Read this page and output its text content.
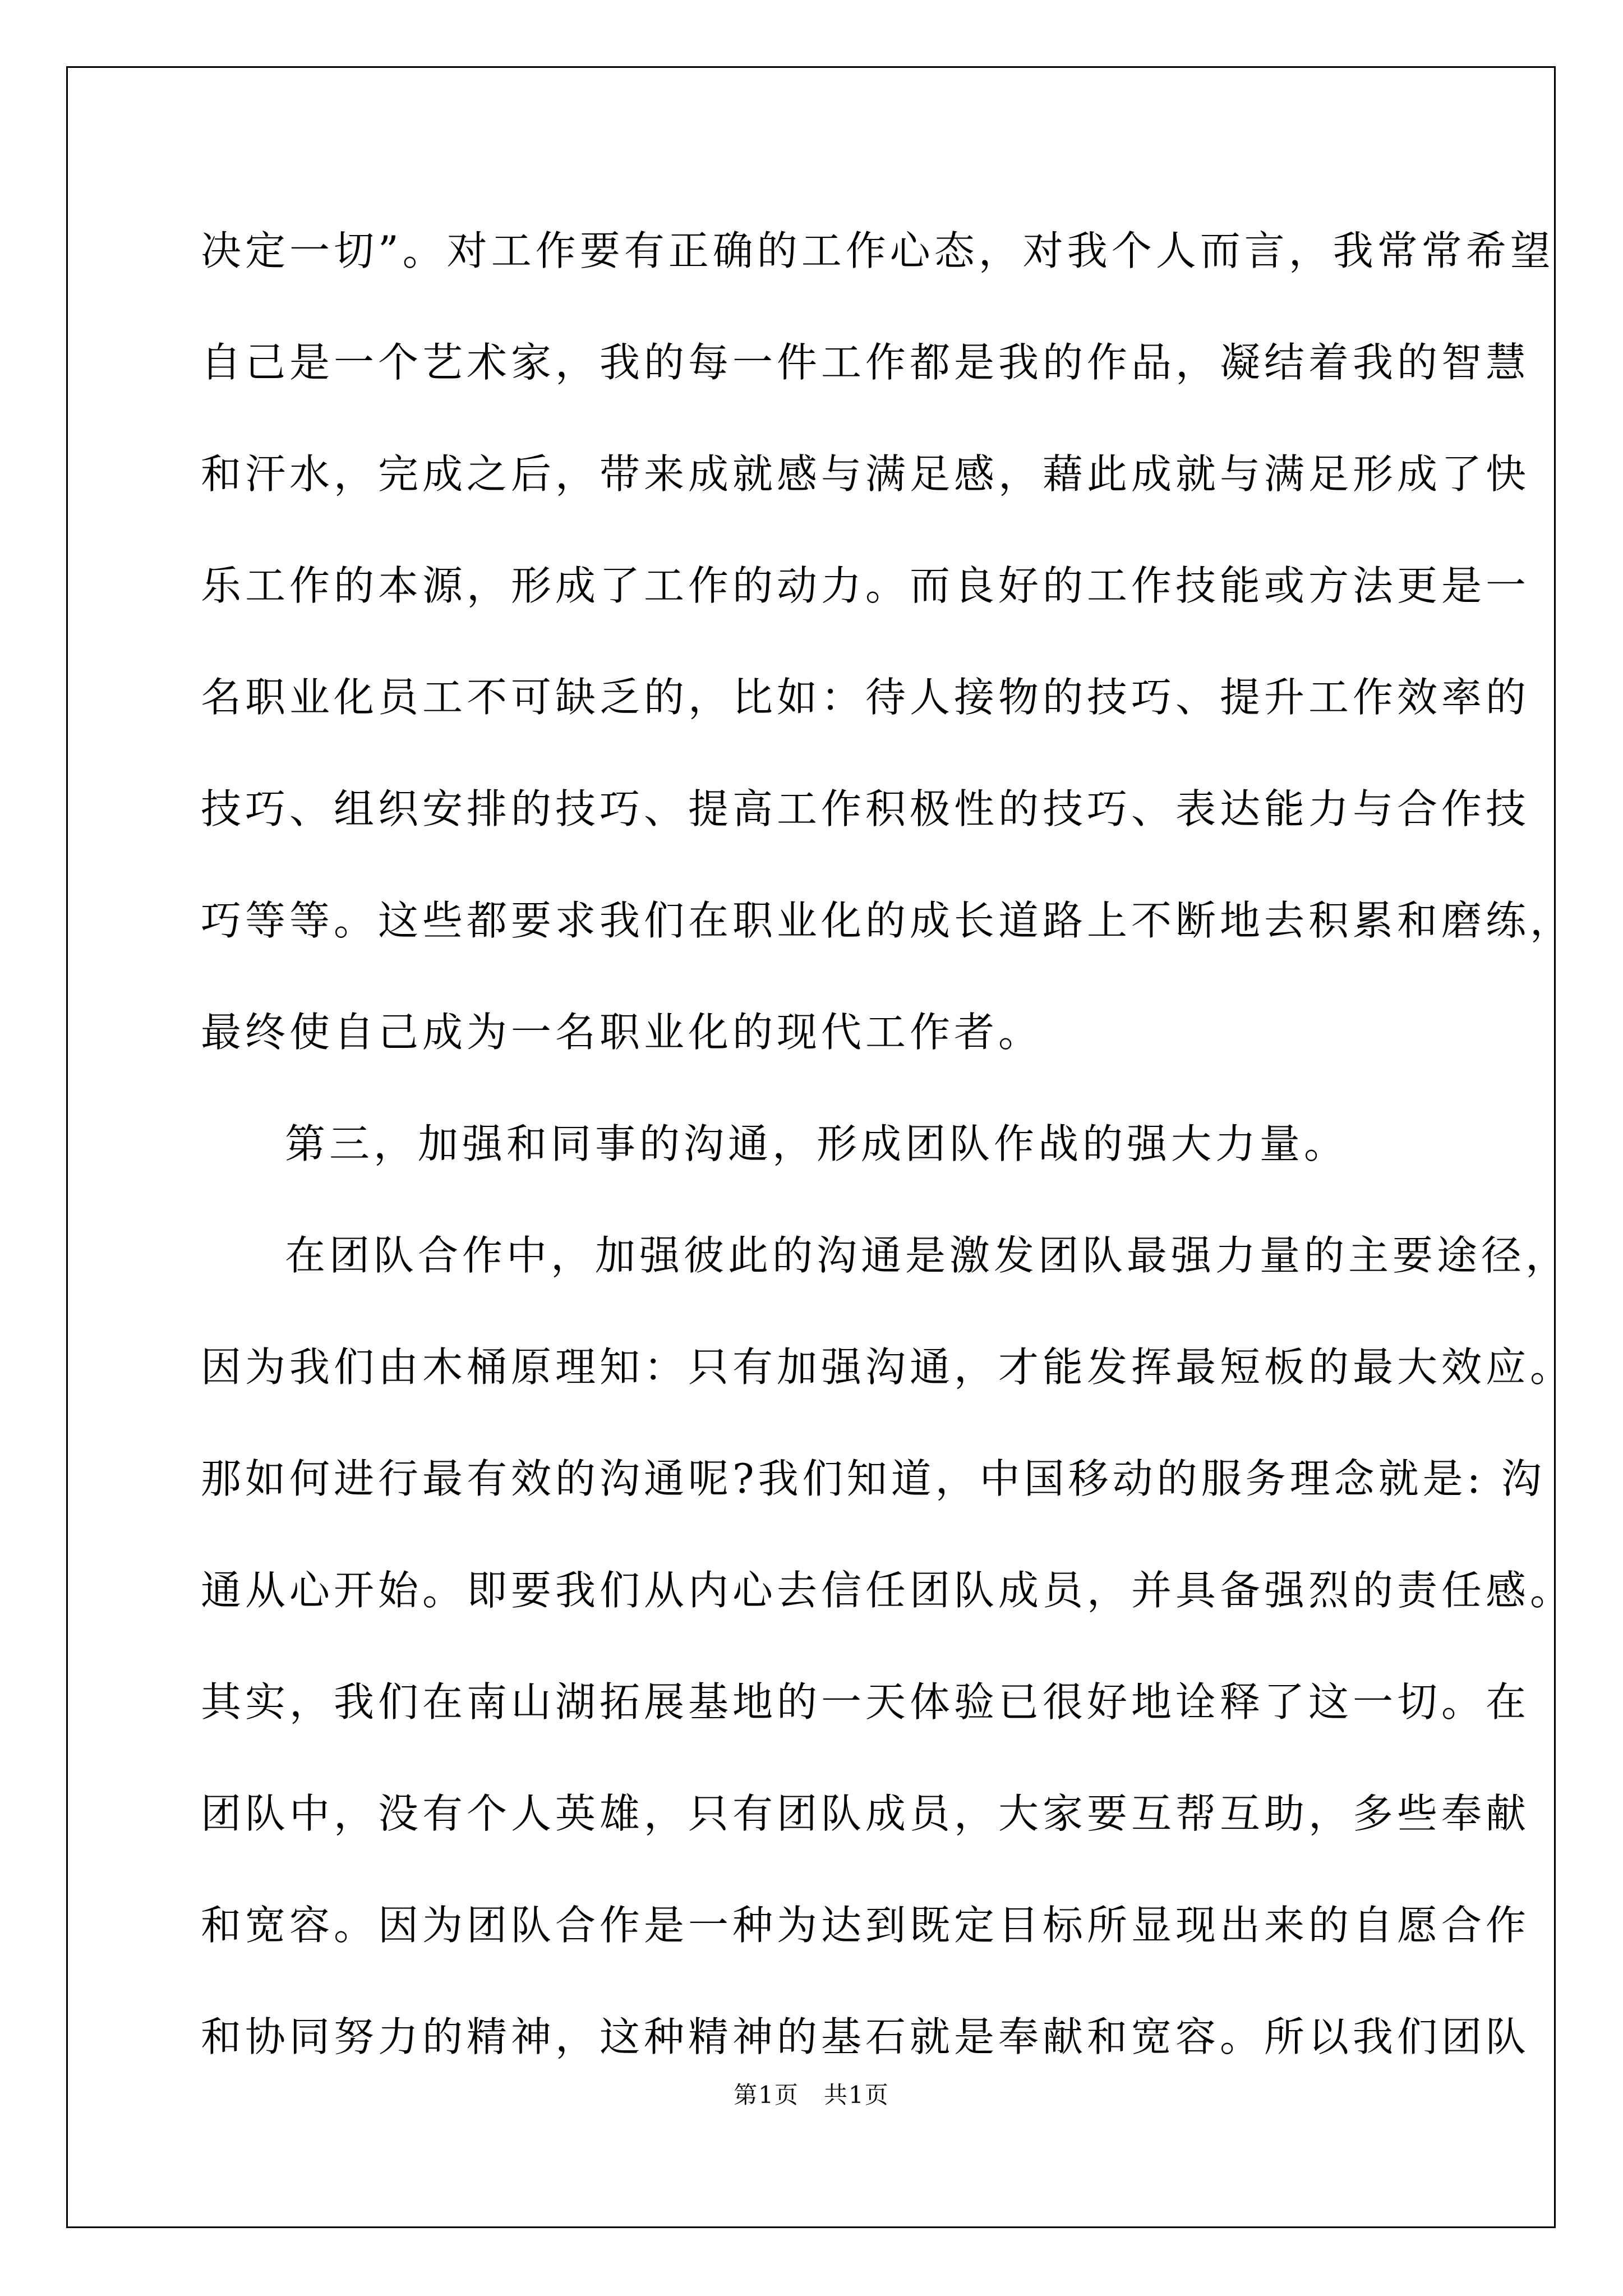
决定一切”。对工作要有正确的工作心态，对我个人而言，我常常希望
自己是一个艺术家，我的每一件工作都是我的作品，凝结着我的智慧
和汗水，完成之后，带来成就感与满足感，藉此成就与满足形成了快
乐工作的本源，形成了工作的动力。而良好的工作技能或方法更是一
名职业化员工不可缺乏的，比如：待人接物的技巧、提升工作效率的
技巧、组织安排的技巧、提高工作积极性的技巧、表达能力与合作技
巧等等。这些都要求我们在职业化的成长道路上不断地去积累和磨练，
最终使自己成为一名职业化的现代工作者。
第三，加强和同事的沟通，形成团队作战的强大力量。
在团队合作中，加强彼此的沟通是激发团队最强力量的主要途径，
因为我们由木桶原理知：只有加强沟通，才能发挥最短板的最大效应。
那如何进行最有效的沟通呢?我们知道，中国移动的服务理念就是: 沟
通从心开始。即要我们从内心去信任团队成员，并具备强烈的责任感。
其实，我们在南山湖拓展基地的一天体验已很好地诠释了这一切。在
团队中，没有个人英雄，只有团队成员，大家要互帮互助，多些奉献
和宽容。因为团队合作是一种为达到既定目标所显现出来的自愿合作
和协同努力的精神，这种精神的基石就是奉献和宽容。所以我们团队
第1页　共1页
